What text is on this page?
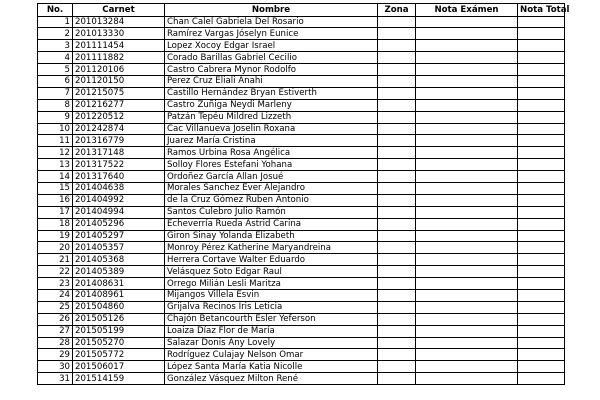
No.	Carnet	Nombre	Zona	Nota Exámen	Nota Total
1	201013284	Chan Calel Gabriela Del Rosario			
2	201013330	Ramírez Vargas Jóselyn Eunice			
3	201111454	Lopez Xocoy Edgar Israel			
4	201111882	Corado Barillas Gabriel Cecilio			
5	201120106	Castro Cabrera Mynor Rodolfo			
6	201120150	Perez Cruz Eliali Anahi			
7	201215075	Castillo Hernández Bryan Estiverth			
8	201216277	Castro Zuñiga Neydi Marleny			
9	201220512	Patzán Tepéu Mildred Lizzeth			
10	201242874	Cac Villanueva Joselin Roxana			
11	201316779	Juarez María Cristina			
12	201317148	Ramos Urbina Rosa Angélica			
13	201317522	Solloy Flores Estefani Yohana			
14	201317640	Ordoñez García Allan Josué			
15	201404638	Morales Sanchez Ever Alejandro			
16	201404992	de la Cruz Gómez Ruben Antonio			
17	201404994	Santos Culebro Julio Ramón			
18	201405296	Echeverría Rueda Astrid Carina			
19	201405297	Giron Sinay Yolanda Elizabeth			
20	201405357	Monroy Pérez Katherine Maryandreina			
21	201405368	Herrera Cortave Walter Eduardo			
22	201405389	Velásquez Soto Edgar Raul			
23	201408631	Orrego Milián Lesli Maritza			
24	201408961	Mijangos Villela Esvin			
25	201504860	Grijalva Recinos Iris Leticia			
26	201505126	Chajón Betancourth Esler Yeferson			
27	201505199	Loaiza Díaz Flor de María			
28	201505270	Salazar Donis Any Lovely			
29	201505772	Rodríguez Culajay Nelson Omar			
30	201506017	López Santa María Katia Nicolle			
31	201514159	González Vásquez Milton René			
